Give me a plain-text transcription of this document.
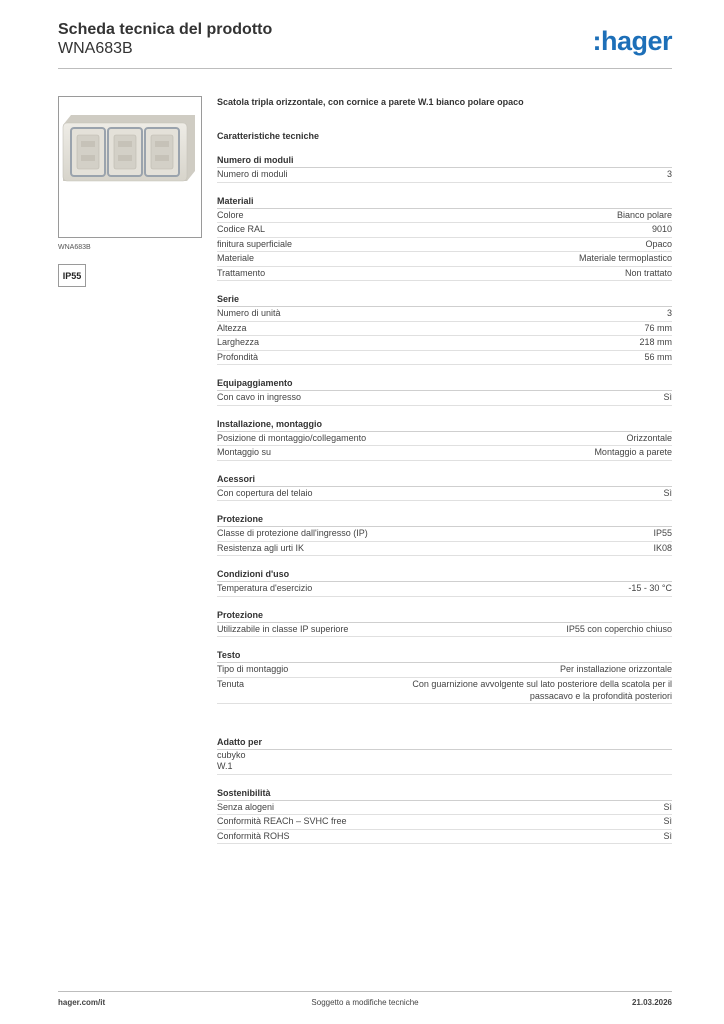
Scheda tecnica del prodotto
WNA683B	:hager
WNA683B
IP55
Scatola tripla orizzontale, con cornice a parete W.1 bianco polare opaco
Caratteristiche tecniche
Numero di moduli
Numero di moduli	3
Materiali
Colore	Bianco polare
Codice RAL	9010
finitura superficiale	Opaco
Materiale	Materiale termoplastico
Trattamento	Non trattato
Serie
Numero di unità	3
Altezza	76 mm
Larghezza	218 mm
Profondità	56 mm
Equipaggiamento
Con cavo in ingresso	Sì
Installazione, montaggio
Posizione di montaggio/collegamento	Orizzontale
Montaggio su	Montaggio a parete
Acessori
Con copertura del telaio	Sì
Protezione
Classe di protezione dall'ingresso (IP)	IP55
Resistenza agli urti IK	IK08
Condizioni d'uso
Temperatura d'esercizio	-15 - 30 °C
Protezione
Utilizzabile in classe IP superiore	IP55 con coperchio chiuso
Testo
Tipo di montaggio	Per installazione orizzontale
Tenuta	Con guarnizione avvolgente sul lato posteriore della scatola per il passacavo e la profondità posteriori
Adatto per
cubyko
W.1
Sostenibilità
Senza alogeni	Sì
Conformità REACh – SVHC free	Sì
Conformità ROHS	Sì
Soggetto a modifiche tecniche
hager.com/it	21.03.2026
